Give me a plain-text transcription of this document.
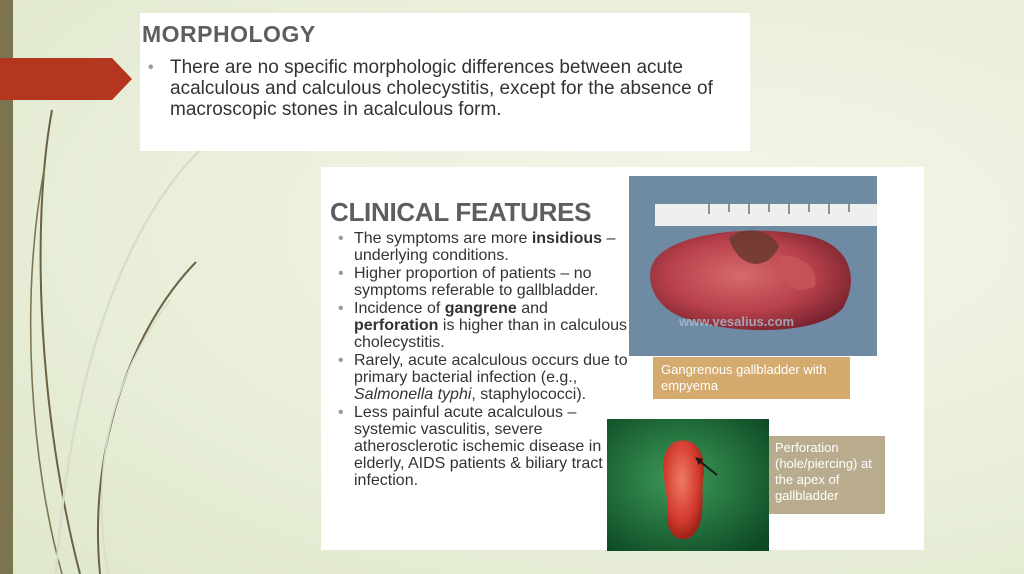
MORPHOLOGY
• There are no specific morphologic differences between acute acalculous and calculous cholecystitis, except for the absence of macroscopic stones in acalculous form.

CLINICAL FEATURES
• The symptoms are more insidious – underlying conditions.
• Higher proportion of patients – no symptoms referable to gallbladder.
• Incidence of gangrene and perforation is higher than in calculous cholecystitis.
• Rarely, acute acalculous occurs due to primary bacterial infection (e.g., Salmonella typhi, staphylococci).
• Less painful acute acalculous – systemic vasculitis, severe atherosclerotic ischemic disease in elderly, AIDS patients & biliary tract infection.
www.vesalius.com
Gangrenous gallbladder with empyema
Perforation (hole/piercing) at the apex of gallbladder
